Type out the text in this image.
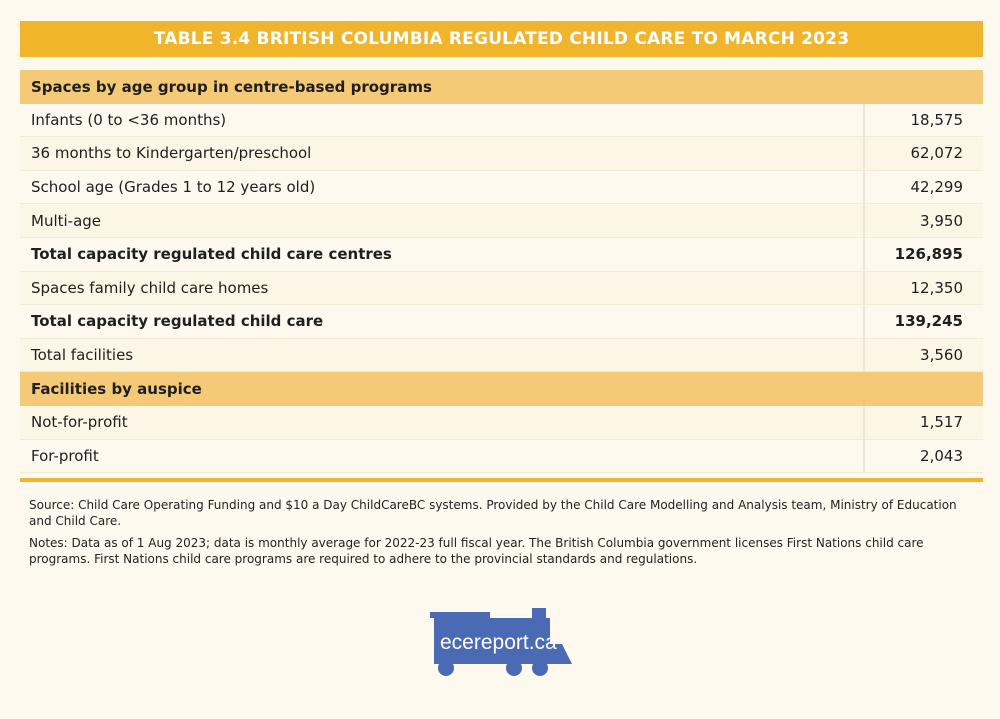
TABLE 3.4 BRITISH COLUMBIA REGULATED CHILD CARE TO MARCH 2023
Spaces by age group in centre-based programs
Infants (0 to <36 months)	18,575
36 months to Kindergarten/preschool	62,072
School age (Grades 1 to 12 years old)	42,299
Multi-age	3,950
Total capacity regulated child care centres	126,895
Spaces family child care homes	12,350
Total capacity regulated child care	139,245
Total facilities	3,560
Facilities by auspice
Not-for-profit	1,517
For-profit	2,043

Source: Child Care Operating Funding and $10 a Day ChildCareBC systems. Provided by the Child Care Modelling and Analysis team, Ministry of Education and Child Care.

Notes: Data as of 1 Aug 2023; data is monthly average for 2022-23 full fiscal year. The British Columbia government licenses First Nations child care programs. First Nations child care programs are required to adhere to the provincial standards and regulations.

ecereport.ca
